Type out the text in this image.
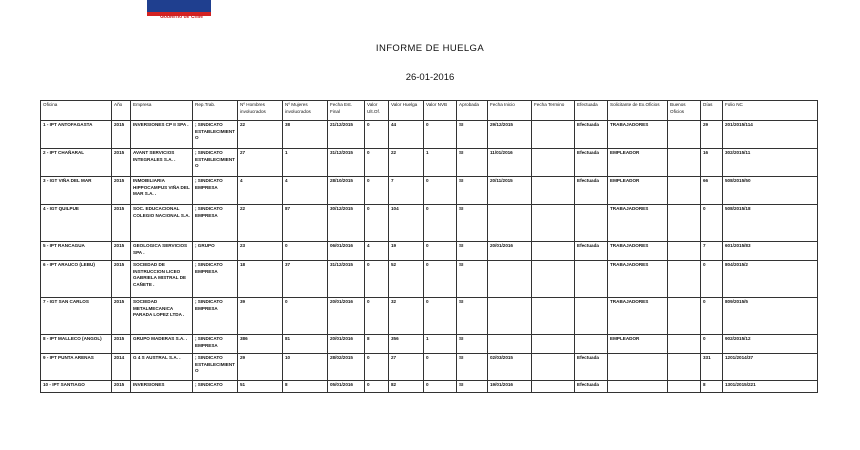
Gobierno de Chile
INFORME DE HUELGA
26-01-2016
Oficina	Año	Empresa	Rep.Trab.	Nº Hombres involucrados	Nº Mujeres involucrados	Fecha Est. Final	Valor Ult.Of.	Valor Huelga	Valor NVB	Aprobada	Fecha Inicio	Fecha Termino	Efectuada	Solicitante de Ex.Oficios	Buenos Oficios	Días	Folio NC
1 - IPT ANTOFAGASTA	2015	INVERSIONES CP II SPA .	; SINDICATO ESTABLECIMIENTO	22	38	21/12/2015	0	44	0	SI	29/12/2015		Efectuada	TRABAJADORES		29	201/2015/114
2 - IPT CHAÑARAL	2015	AVANT SERVICIOS INTEGRALES S.A. .	; SINDICATO ESTABLECIMIENTO	27	1	31/12/2015	0	22	1	SI	11/01/2016		Efectuada	EMPLEADOR		16	302/2015/11
3 - IGT VIÑA DEL MAR	2015	INMOBILIARIA HIPPOCAMPUS VIÑA DEL MAR S.A. .	; SINDICATO EMPRESA	4	4	28/10/2015	0	7	0	SI	20/11/2015		Efectuada	EMPLEADOR		66	508/2015/50
4 - IGT QUILPUE	2015	SOC. EDUCACIONAL COLEGIO NACIONAL S.A.	; SINDICATO EMPRESA	22	87	30/12/2015	0	104	0	SI				TRABAJADORES		0	508/2015/18
5 - IPT RANCAGUA	2015	GEOLOGICA SERVICIOS SPA .	; GRUPO	23	0	06/01/2016	4	19	0	SI	20/01/2016		Efectuada	TRABAJADORES		7	601/2015/83
6 - IPT ARAUCO (LEBU)	2015	SOCIEDAD DE INSTRUCCION LICEO GABRIELA MISTRAL DE CAÑETE .	; SINDICATO EMPRESA	18	37	31/12/2015	0	52	0	SI				TRABAJADORES		0	804/2015/2
7 - IGT SAN CARLOS	2015	SOCIEDAD METALMECANICA PARADA LOPEZ LTDA .	; SINDICATO EMPRESA	39	0	20/01/2016	0	32	0	SI				TRABAJADORES		0	809/2015/5
8 - IPT MALLECO (ANGOL)	2015	GRUPO MADERAS S.A. .	; SINDICATO EMPRESA	386	81	20/01/2016	8	356	1	SI				EMPLEADOR		0	902/2015/12
9 - IPT PUNTA ARENAS	2014	G 4 S AUSTRAL S.A. .	; SINDICATO ESTABLECIMIENTO	29	10	28/02/2015	0	27	0	SI	02/03/2015		Efectuada			331	1201/2014/37
10 - IPT SANTIAGO	2015	INVERSIONES	; SINDICATO	51	8	05/01/2016	0	82	0	SI	19/01/2016		Efectuada			8	1301/2015/221
